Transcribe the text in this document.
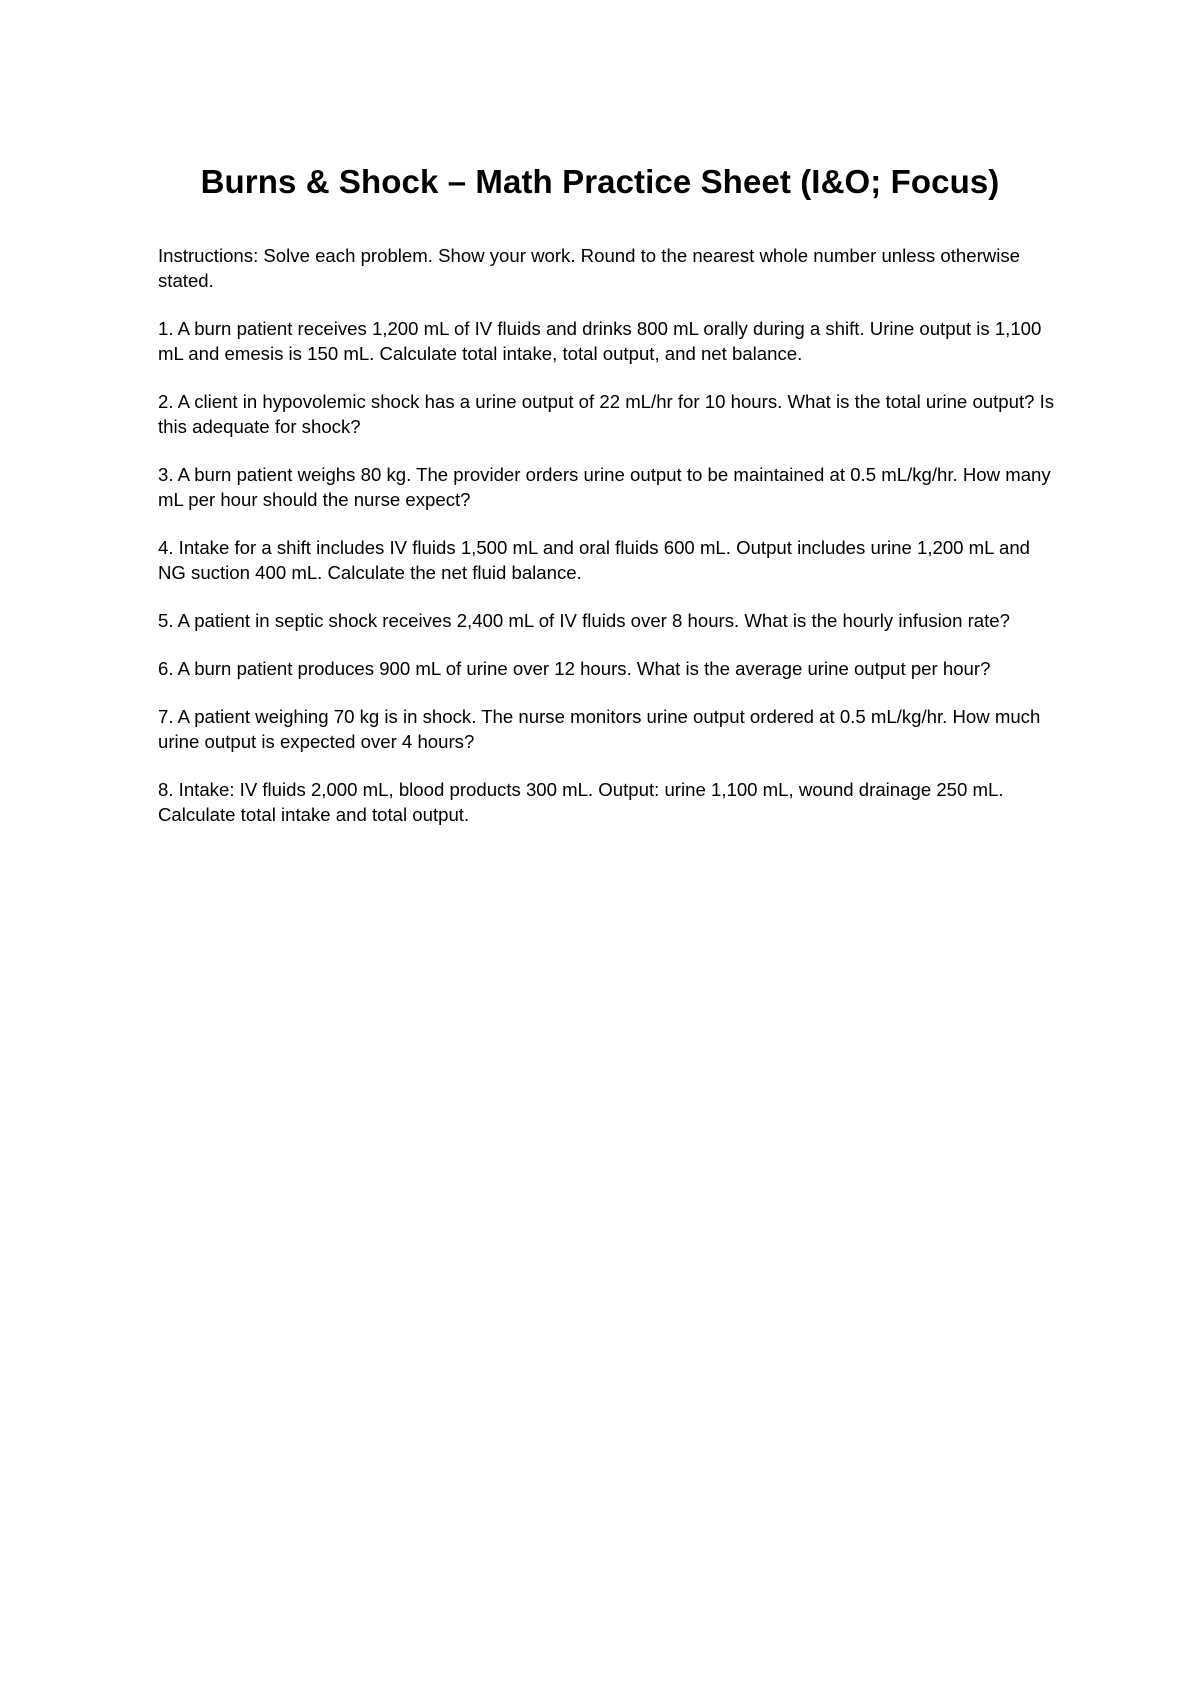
Burns & Shock – Math Practice Sheet (I&O; Focus)

Instructions: Solve each problem. Show your work. Round to the nearest whole number unless otherwise stated.

1. A burn patient receives 1,200 mL of IV fluids and drinks 800 mL orally during a shift. Urine output is 1,100 mL and emesis is 150 mL. Calculate total intake, total output, and net balance.

2. A client in hypovolemic shock has a urine output of 22 mL/hr for 10 hours. What is the total urine output? Is this adequate for shock?

3. A burn patient weighs 80 kg. The provider orders urine output to be maintained at 0.5 mL/kg/hr. How many mL per hour should the nurse expect?

4. Intake for a shift includes IV fluids 1,500 mL and oral fluids 600 mL. Output includes urine 1,200 mL and NG suction 400 mL. Calculate the net fluid balance.

5. A patient in septic shock receives 2,400 mL of IV fluids over 8 hours. What is the hourly infusion rate?

6. A burn patient produces 900 mL of urine over 12 hours. What is the average urine output per hour?

7. A patient weighing 70 kg is in shock. The nurse monitors urine output ordered at 0.5 mL/kg/hr. How much urine output is expected over 4 hours?

8. Intake: IV fluids 2,000 mL, blood products 300 mL. Output: urine 1,100 mL, wound drainage 250 mL. Calculate total intake and total output.
